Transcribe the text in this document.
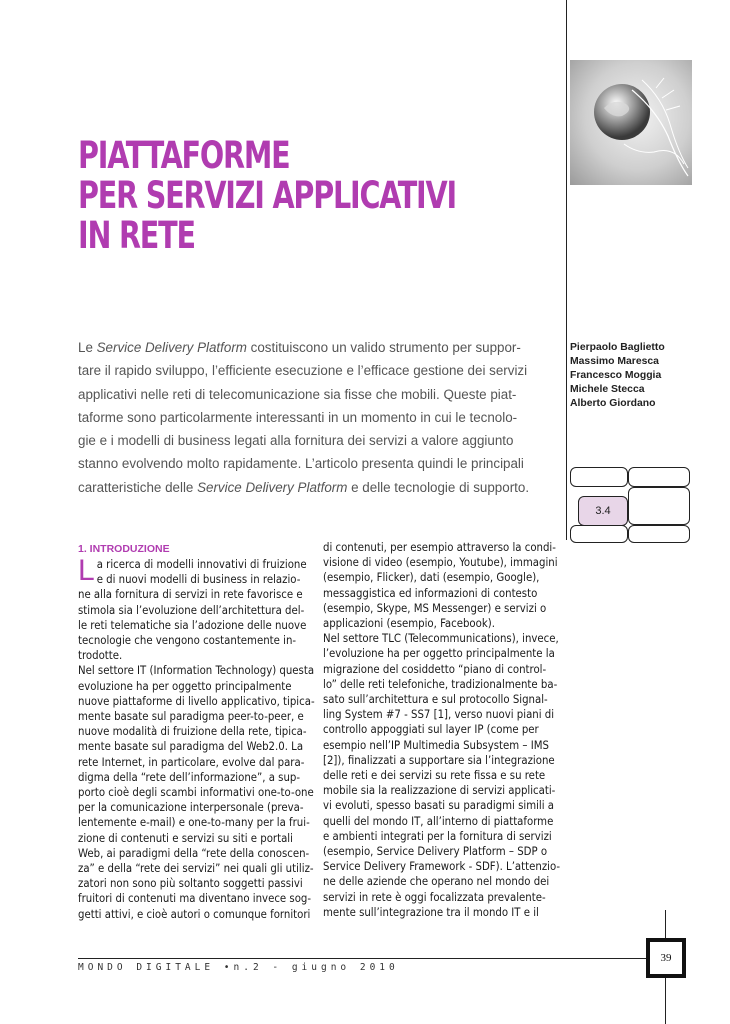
PIATTAFORME
PER SERVIZI APPLICATIVI
IN RETE

Le Service Delivery Platform costituiscono un valido strumento per suppor-
tare il rapido sviluppo, l’efficiente esecuzione e l’efficace gestione dei servizi
applicativi nelle reti di telecomunicazione sia fisse che mobili. Queste piat-
taforme sono particolarmente interessanti in un momento in cui le tecnolo-
gie e i modelli di business legati alla fornitura dei servizi a valore aggiunto
stanno evolvendo molto rapidamente. L’articolo presenta quindi le principali
caratteristiche delle Service Delivery Platform e delle tecnologie di supporto.

Pierpaolo Baglietto
Massimo Maresca
Francesco Moggia
Michele Stecca
Alberto Giordano
3.4
1. INTRODUZIONE
L a ricerca di modelli innovativi di fruizione
e di nuovi modelli di business in relazio-
ne alla fornitura di servizi in rete favorisce e
stimola sia l’evoluzione dell’architettura del-
le reti telematiche sia l’adozione delle nuove
tecnologie che vengono costantemente in-
trodotte.
Nel settore IT (Information Technology) questa
evoluzione ha per oggetto principalmente
nuove piattaforme di livello applicativo, tipica-
mente basate sul paradigma peer-to-peer, e
nuove modalità di fruizione della rete, tipica-
mente basate sul paradigma del Web2.0. La
rete Internet, in particolare, evolve dal para-
digma della “rete dell’informazione”, a sup-
porto cioè degli scambi informativi one-to-one
per la comunicazione interpersonale (preva-
lentemente e-mail) e one-to-many per la frui-
zione di contenuti e servizi su siti e portali
Web, ai paradigmi della “rete della conoscen-
za” e della “rete dei servizi” nei quali gli utiliz-
zatori non sono più soltanto soggetti passivi
fruitori di contenuti ma diventano invece sog-
getti attivi, e cioè autori o comunque fornitori
di contenuti, per esempio attraverso la condi-
visione di video (esempio, Youtube), immagini
(esempio, Flicker), dati (esempio, Google),
messaggistica ed informazioni di contesto
(esempio, Skype, MS Messenger) e servizi o
applicazioni (esempio, Facebook).
Nel settore TLC (Telecommunications), invece,
l’evoluzione ha per oggetto principalmente la
migrazione del cosiddetto “piano di control-
lo” delle reti telefoniche, tradizionalmente ba-
sato sull’architettura e sul protocollo Signal-
ling System #7 - SS7 [1], verso nuovi piani di
controllo appoggiati sul layer IP (come per
esempio nell’IP Multimedia Subsystem – IMS
[2]), finalizzati a supportare sia l’integrazione
delle reti e dei servizi su rete fissa e su rete
mobile sia la realizzazione di servizi applicati-
vi evoluti, spesso basati su paradigmi simili a
quelli del mondo IT, all’interno di piattaforme
e ambienti integrati per la fornitura di servizi
(esempio, Service Delivery Platform – SDP o
Service Delivery Framework - SDF). L’attenzio-
ne delle aziende che operano nel mondo dei
servizi in rete è oggi focalizzata prevalente-
mente sull’integrazione tra il mondo IT e il
MONDO DIGITALE •n.2 - giugno 2010
39
